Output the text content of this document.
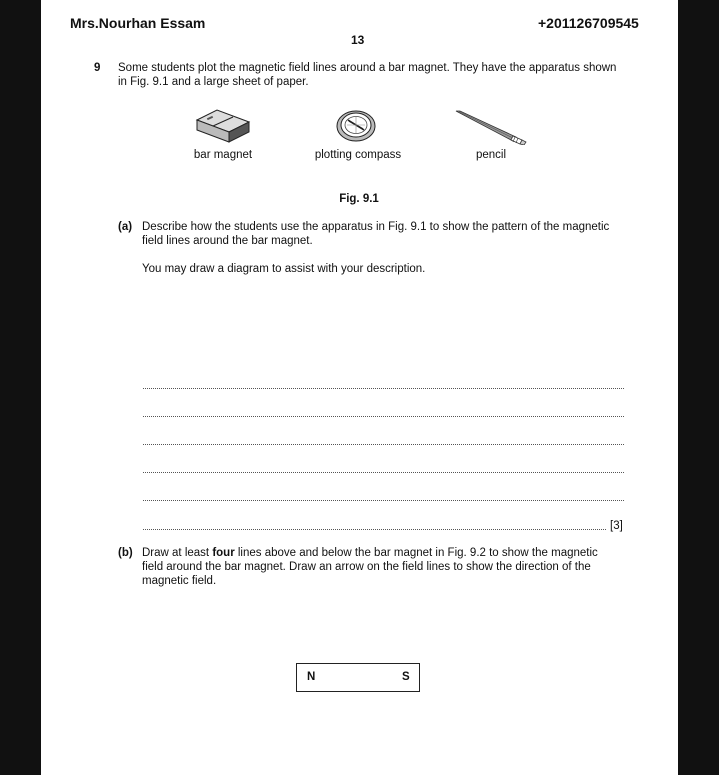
Mrs.Nourhan Essam	+201126709545
13
9 Some students plot the magnetic field lines around a bar magnet. They have the apparatus shown
in Fig. 9.1 and a large sheet of paper.
bar magnet	plotting compass	pencil
Fig. 9.1
(a) Describe how the students use the apparatus in Fig. 9.1 to show the pattern of the magnetic
field lines around the bar magnet.
You may draw a diagram to assist with your description.
[3]
(b) Draw at least four lines above and below the bar magnet in Fig. 9.2 to show the magnetic
field around the bar magnet. Draw an arrow on the field lines to show the direction of the
magnetic field.
N	S
